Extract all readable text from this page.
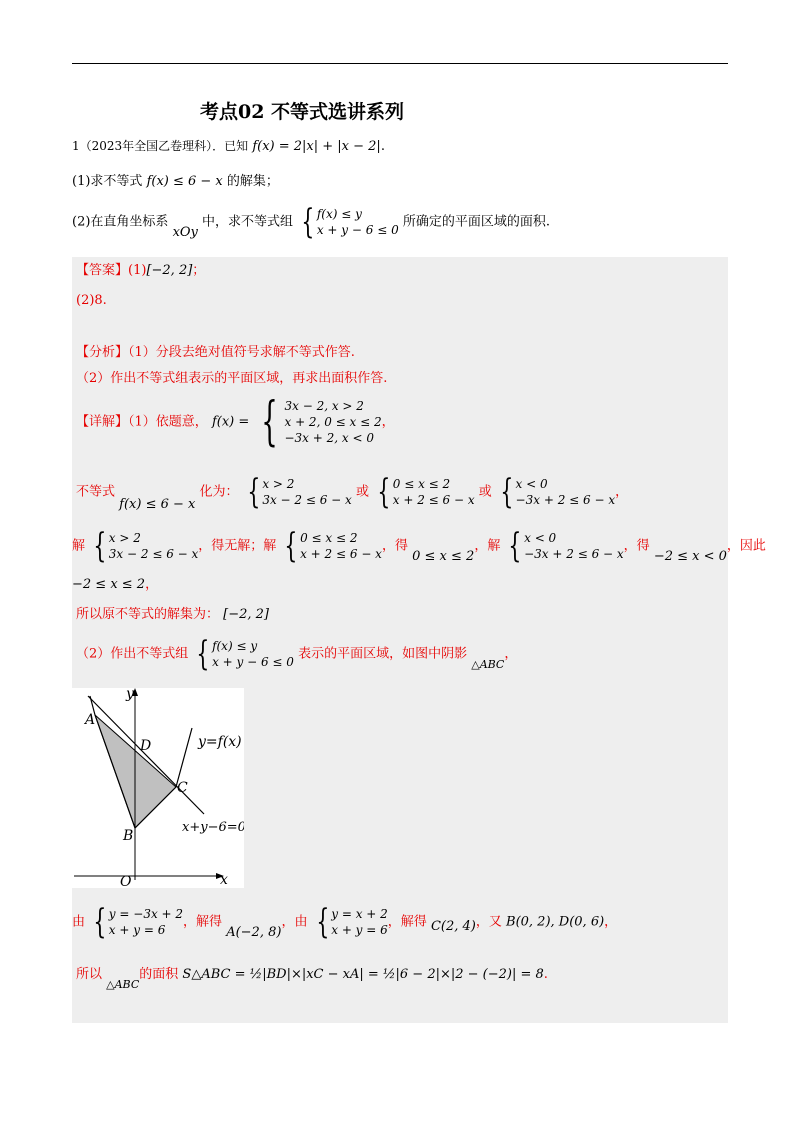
考点02 不等式选讲系列
1（2023年全国乙卷理科）．已知 f(x) = 2|x| + |x − 2|.
(1)求不等式 f(x) ≤ 6 − x 的解集；
(2)在直角坐标系 xOy 中，求不等式组 { f(x) ≤ y
x + y − 6 ≤ 0
所确定的平面区域的面积.
【答案】(1)[−2, 2]；
(2)8.
【分析】（1）分段去绝对值符号求解不等式作答.
（2）作出不等式组表示的平面区域，再求出面积作答.
【详解】（1）依题意， f(x) = { 3x − 2, x > 2
x + 2, 0 ≤ x ≤ 2
−3x + 2, x < 0
，
不等式 f(x) ≤ 6 − x 化为： { x > 2
3x − 2 ≤ 6 − x
或 { 0 ≤ x ≤ 2
x + 2 ≤ 6 − x
或 { x < 0
−3x + 2 ≤ 6 − x
，
解 { x > 2
3x − 2 ≤ 6 − x
，得无解；解 { 0 ≤ x ≤ 2
x + 2 ≤ 6 − x
，得 0 ≤ x ≤ 2，解 { x < 0
−3x + 2 ≤ 6 − x
，得 −2 ≤ x < 0，因此
−2 ≤ x ≤ 2，
所以原不等式的解集为： [−2, 2]
（2）作出不等式组 { f(x) ≤ y
x + y − 6 ≤ 0
表示的平面区域，如图中阴影 $_{\triangle ABC}$，
y
x
O
A
B
C
D	y=f(x)
x+y−6=0
由 { y = −3x + 2
x + y = 6
，解得 A(−2, 8)，由 { y = x + 2
x + y = 6
，解得 C(2, 4)，又 B(0, 2), D(0, 6)，
所以 $_{\triangle ABC}$的面积 S△ABC = ½|BD|×|xC − xA| = ½|6 − 2|×|2 − (−2)| = 8.
